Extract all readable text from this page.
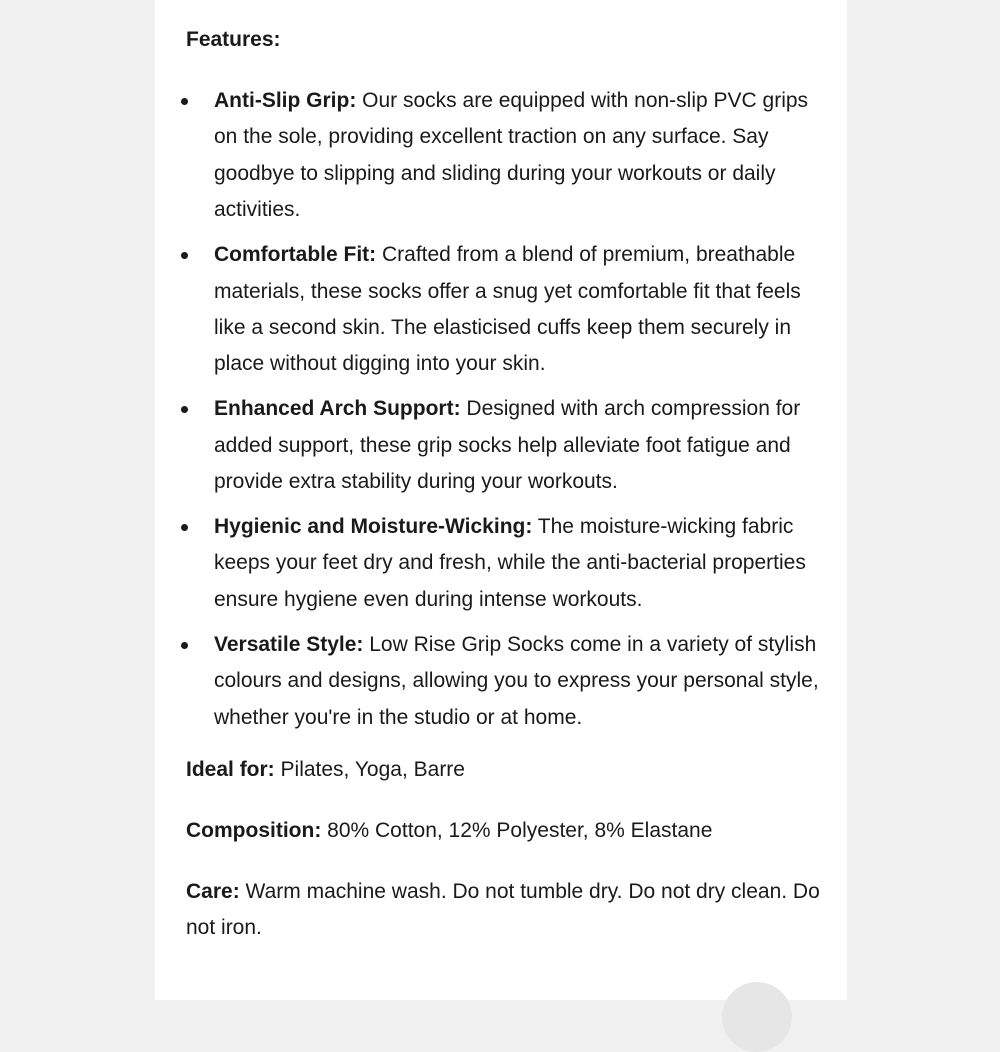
Features:
Anti-Slip Grip: Our socks are equipped with non-slip PVC grips on the sole, providing excellent traction on any surface. Say goodbye to slipping and sliding during your workouts or daily activities.
Comfortable Fit: Crafted from a blend of premium, breathable materials, these socks offer a snug yet comfortable fit that feels like a second skin. The elasticised cuffs keep them securely in place without digging into your skin.
Enhanced Arch Support: Designed with arch compression for added support, these grip socks help alleviate foot fatigue and provide extra stability during your workouts.
Hygienic and Moisture-Wicking: The moisture-wicking fabric keeps your feet dry and fresh, while the anti-bacterial properties ensure hygiene even during intense workouts.
Versatile Style: Low Rise Grip Socks come in a variety of stylish colours and designs, allowing you to express your personal style, whether you're in the studio or at home.

Ideal for: Pilates, Yoga, Barre

Composition: 80% Cotton, 12% Polyester, 8% Elastane

Care: Warm machine wash. Do not tumble dry. Do not dry clean. Do not iron.
